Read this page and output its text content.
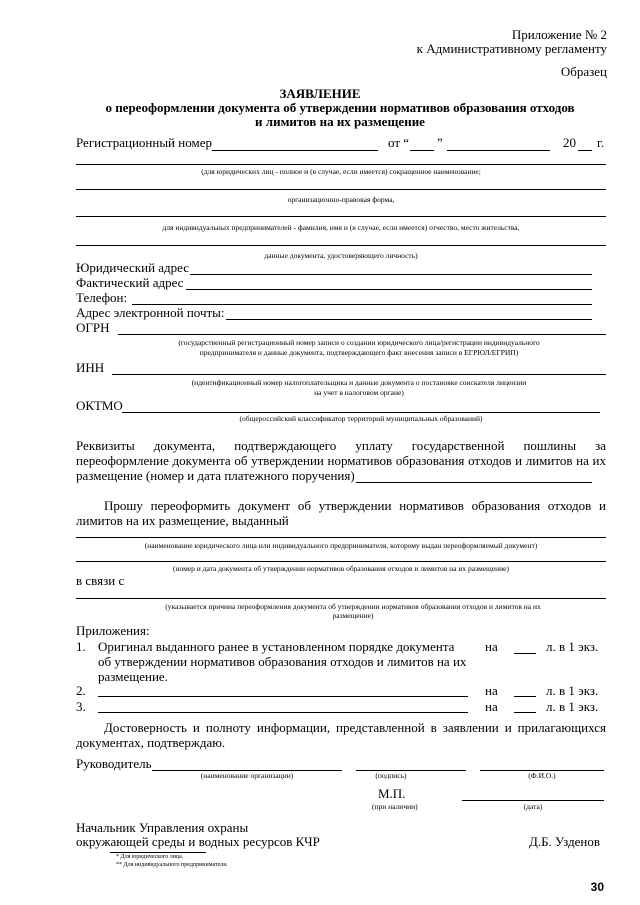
Приложение № 2
к Административному регламенту
Образец
ЗАЯВЛЕНИЕ
о переоформлении документа об утверждении нормативов образования отходов
и лимитов на их размещение
Регистрационный номер	от “ ”	20 г.
(для юридических лиц - полное и (в случае, если имеется) сокращенное наименование;
организационно-правовая форма,
для индивидуальных предпринимателей - фамилия, имя и (в случае, если имеется) отчество, место жительства,
данные документа, удостоверяющего личность)
Юридический адрес
Фактический адрес
Телефон:
Адрес электронной почты:
ОГРН
(государственный регистрационный номер записи о создании юридического лица/регистрации индивидуального
предпринимателя и данные документа, подтверждающего факт внесения записи в ЕГРЮЛ/ЕГРИП)
ИНН
(идентификационный номер налогоплательщика и данные документа о постановке соискателя лицензии
на учет в налоговом органе)
ОКТМО
(общероссийский классификатор территорий муниципальных образований)
Реквизиты документа, подтверждающего уплату государственной пошлины за
переоформление документа об утверждении нормативов образования отходов и лимитов на их
размещение (номер и дата платежного поручения)
Прошу переоформить документ об утверждении нормативов образования отходов и
лимитов на их размещение, выданный
(наименование юридического лица или индивидуального предпринимателя, которому выдан переоформляемый документ)
(номер и дата документа об утверждении нормативов образования отходов и лимитов на их размещение)
в связи с
(указывается причина переоформления документа об утверждении нормативов образования отходов и лимитов на их
размещение)
Приложения:
1. Оригинал выданного ранее в установленном порядке документа
об утверждении нормативов образования отходов и лимитов на их
размещение.
на	л. в 1 экз.
2.	на	л. в 1 экз.
3.	на	л. в 1 экз.
Достоверность и полноту информации, представленной в заявлении и прилагающихся
документах, подтверждаю.
Руководитель
(наименование организации)	(подпись)	(Ф.И.О.)
М.П.
(при наличии)	(дата)
Начальник Управления охраны
окружающей среды и водных ресурсов КЧР	Д.Б. Узденов
* Для юридического лица.
** Для индивидуального предпринимателя.
30
